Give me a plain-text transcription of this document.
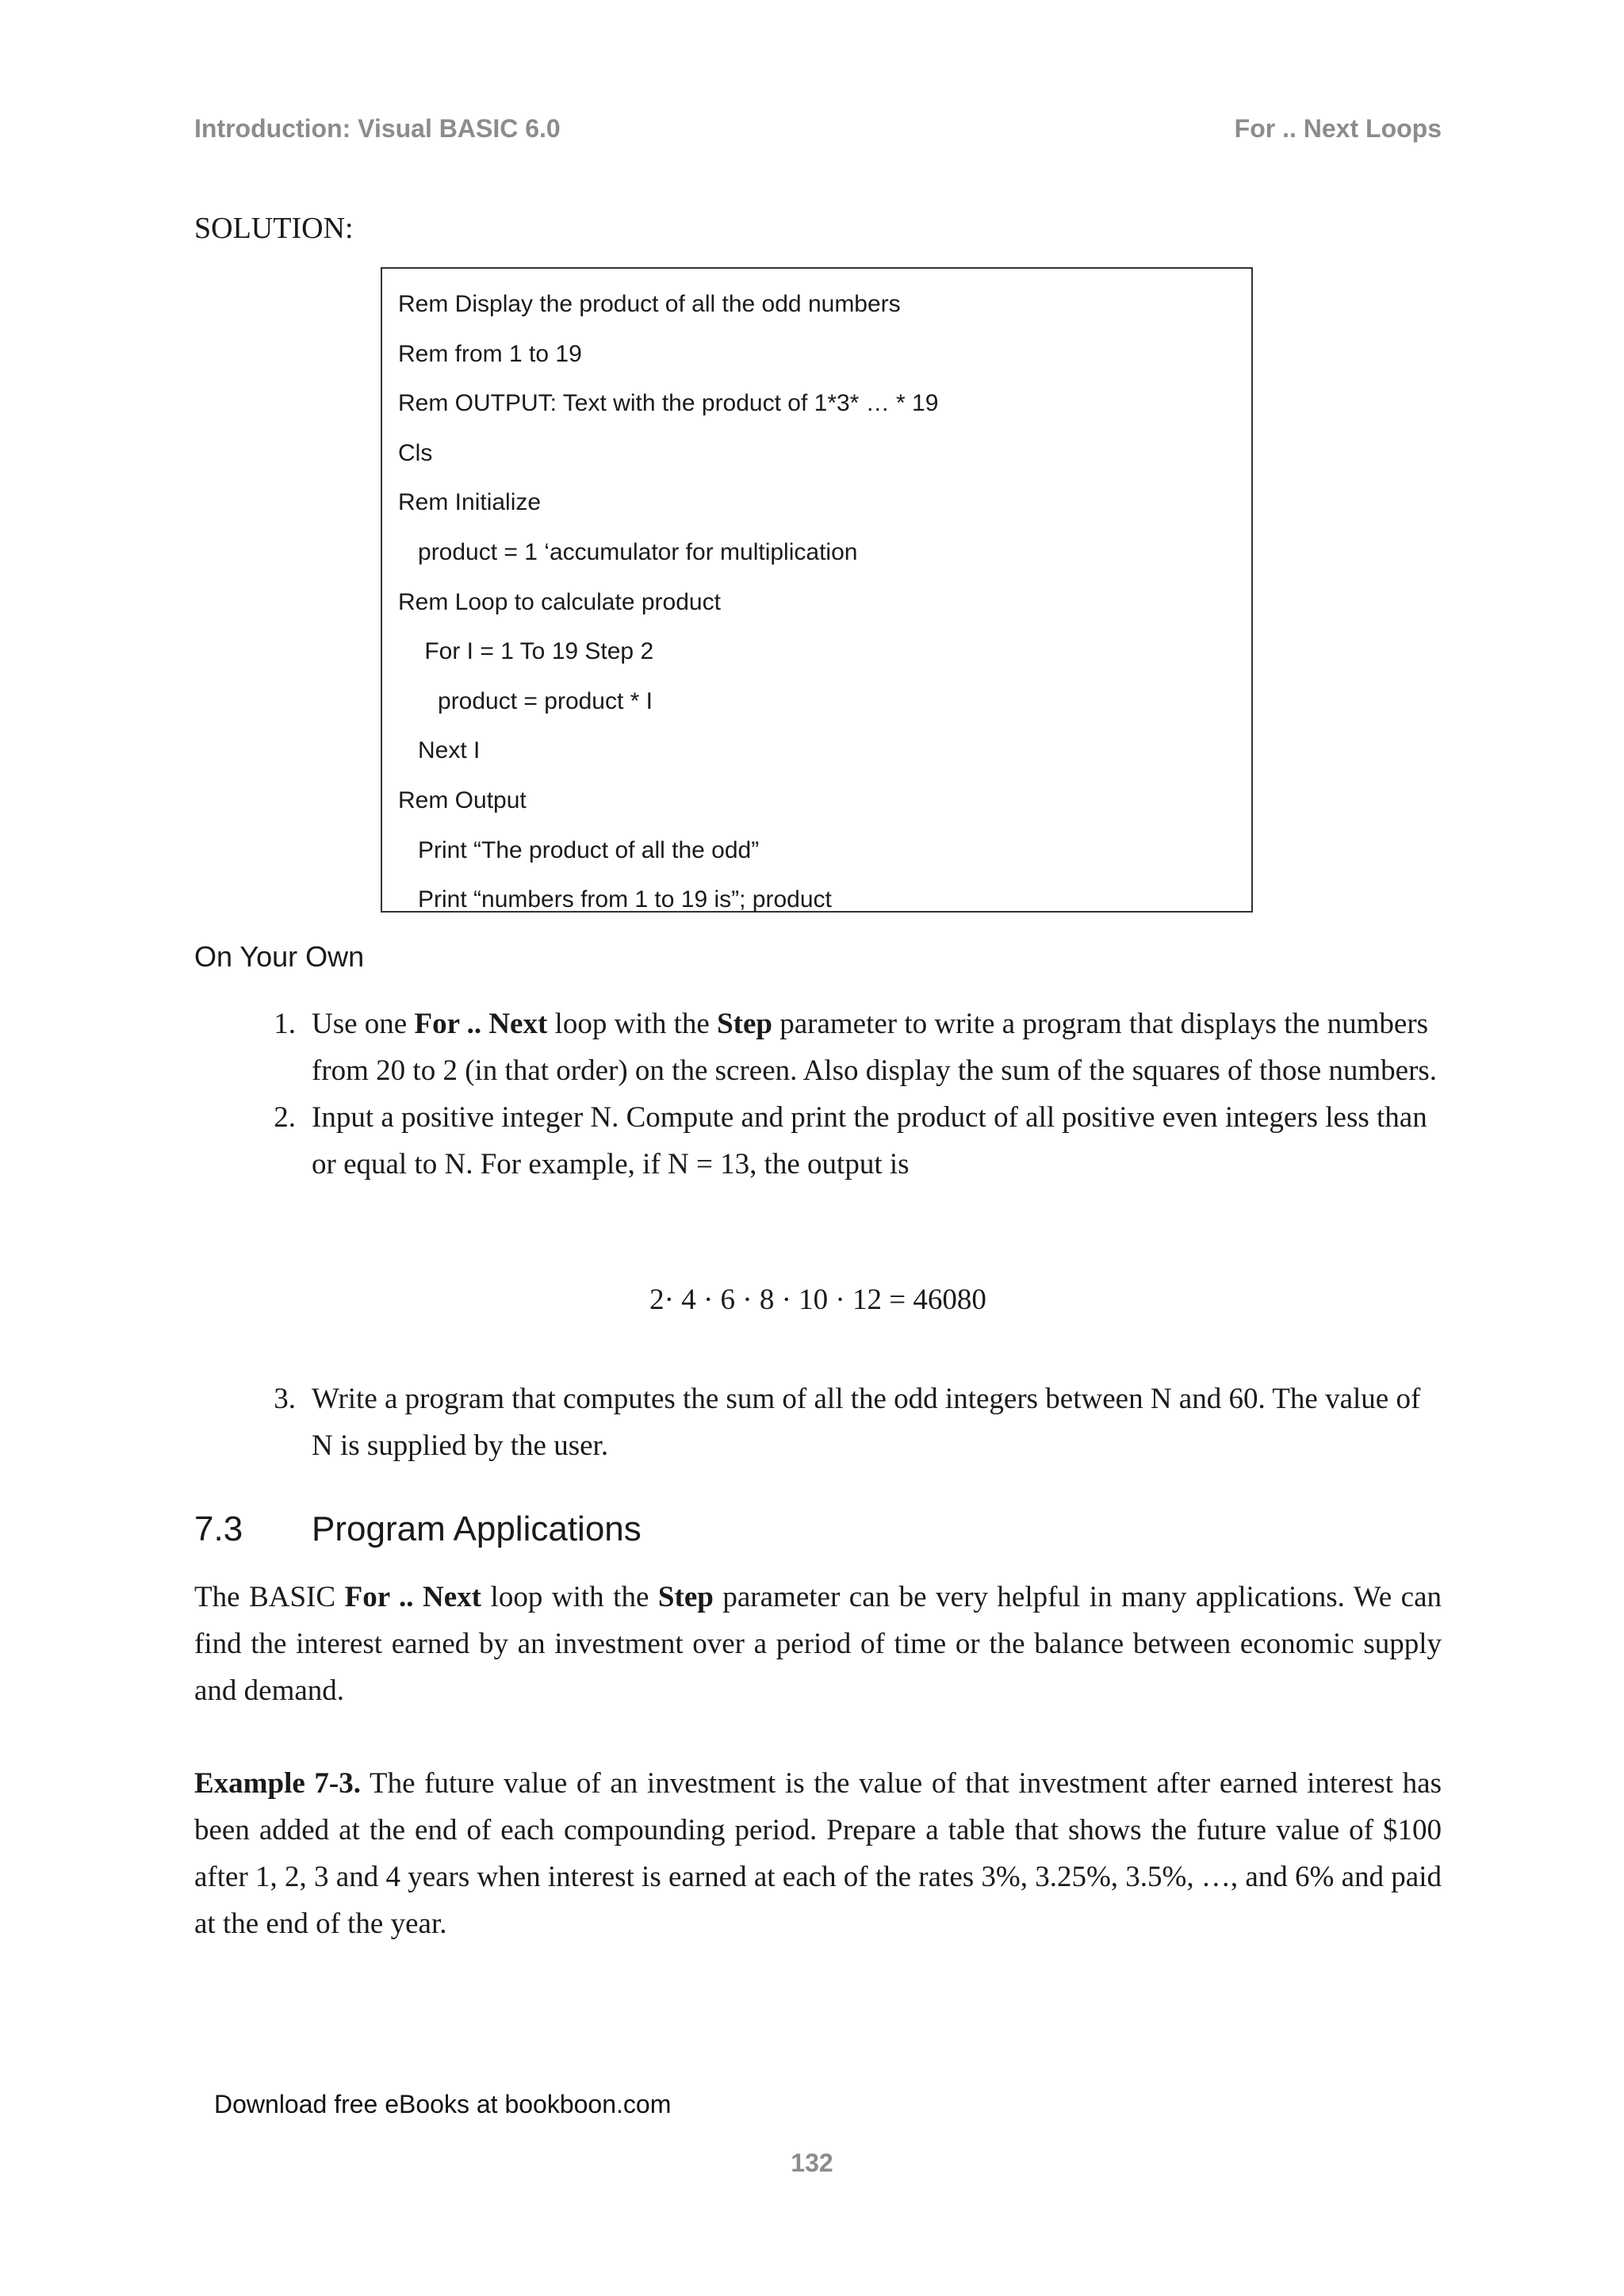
Introduction: Visual BASIC 6.0	For .. Next Loops
SOLUTION:
Rem Display the product of all the odd numbers
Rem from 1 to 19
Rem OUTPUT: Text with the product of 1*3* … * 19
Cls
Rem Initialize
product = 1 ‘accumulator for multiplication
Rem Loop to calculate product
For I = 1 To 19 Step 2
product = product * I
Next I
Rem Output
Print “The product of all the odd”
Print “numbers from 1 to 19 is”; product
On Your Own
1. Use one For .. Next loop with the Step parameter to write a program that displays the numbers from 20 to 2 (in that order) on the screen. Also display the sum of the squares of those numbers.
2. Input a positive integer N. Compute and print the product of all positive even integers less than or equal to N. For example, if N = 13, the output is
2· 4 · 6 · 8 · 10 · 12 = 46080
3. Write a program that computes the sum of all the odd integers between N and 60. The value of N is supplied by the user.
7.3 Program Applications
The BASIC For .. Next loop with the Step parameter can be very helpful in many applications. We can find the interest earned by an investment over a period of time or the balance between economic supply and demand.
Example 7-3. The future value of an investment is the value of that investment after earned interest has been added at the end of each compounding period. Prepare a table that shows the future value of $100 after 1, 2, 3 and 4 years when interest is earned at each of the rates 3%, 3.25%, 3.5%, …, and 6% and paid at the end of the year.
Download free eBooks at bookboon.com
132
